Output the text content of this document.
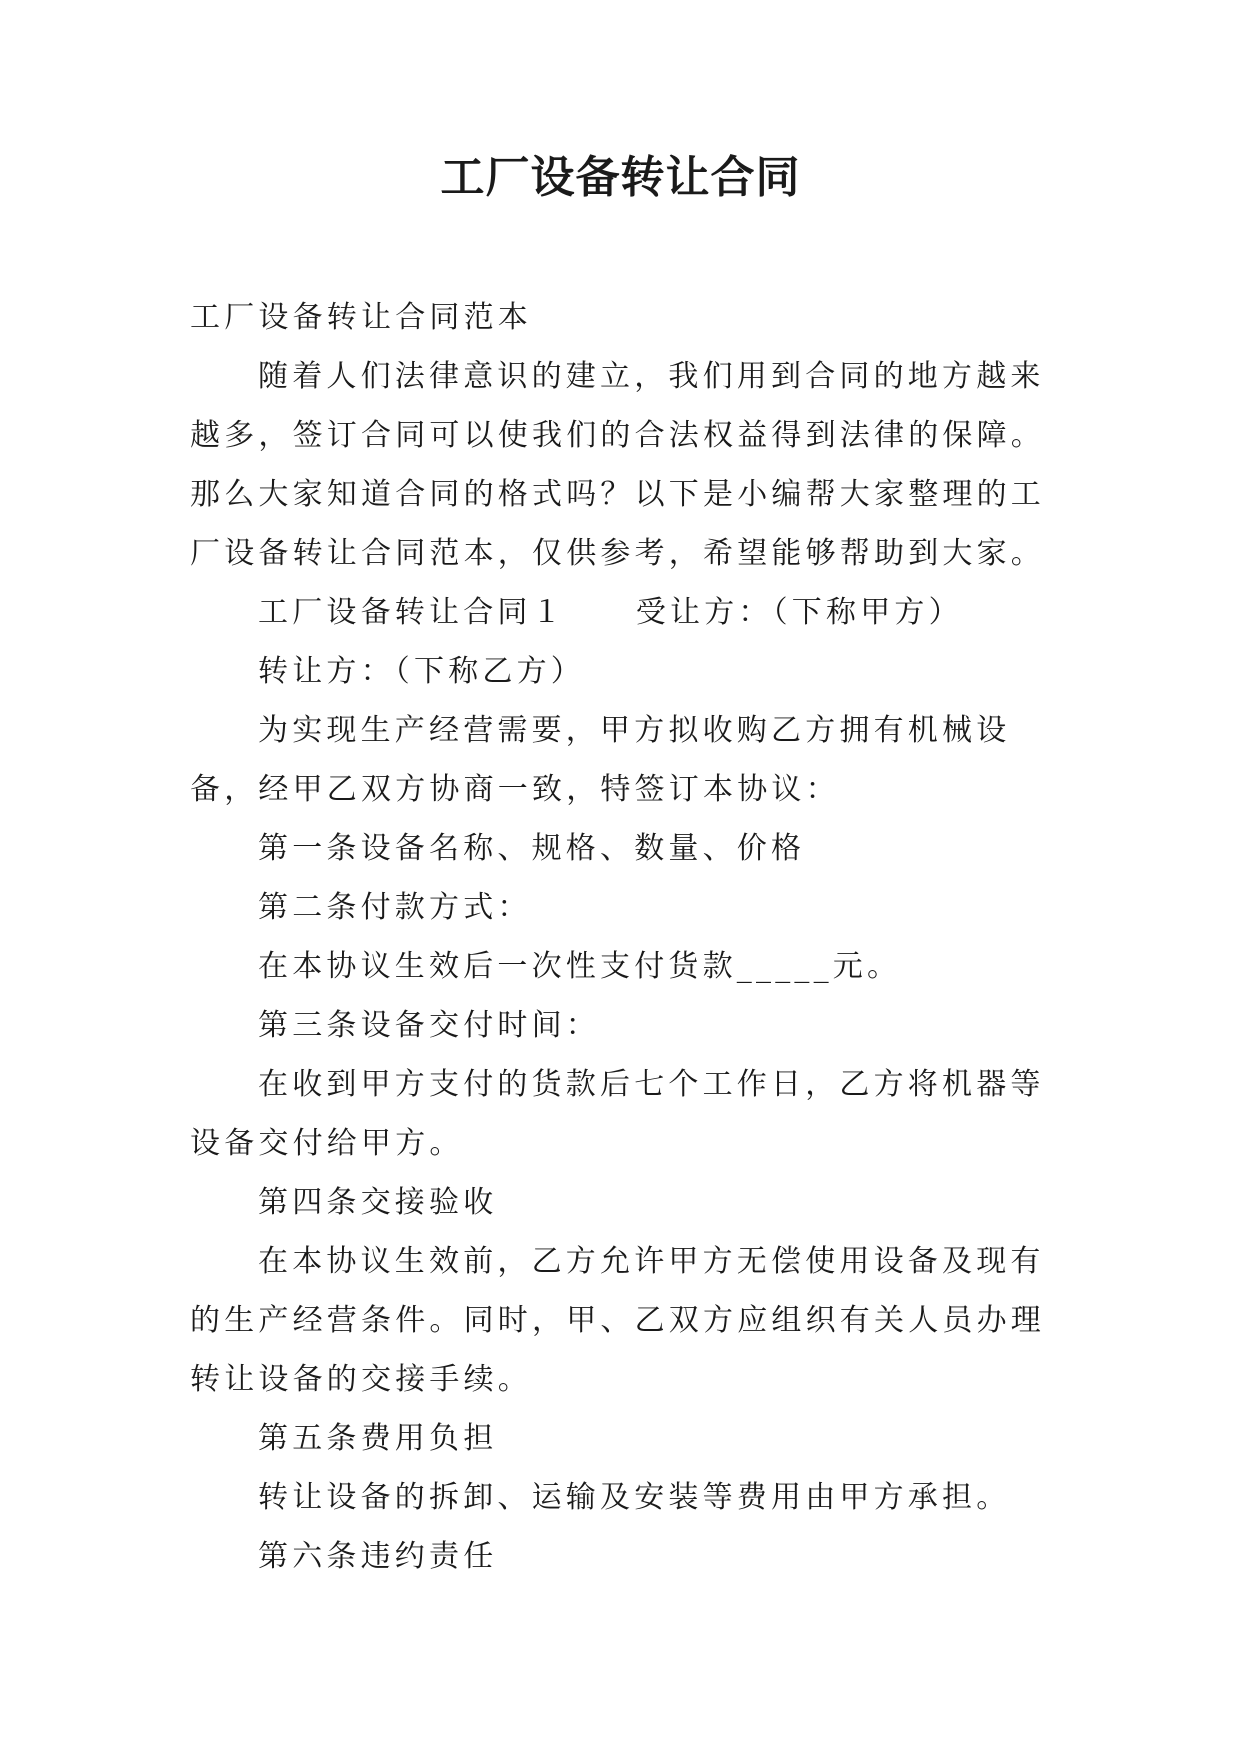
工厂设备转让合同

工厂设备转让合同范本

随着人们法律意识的建立，我们用到合同的地方越来越多，签订合同可以使我们的合法权益得到法律的保障。那么大家知道合同的格式吗？以下是小编帮大家整理的工厂设备转让合同范本，仅供参考，希望能够帮助到大家。

工厂设备转让合同１ 受让方：（下称甲方）

转让方：（下称乙方）

为实现生产经营需要，甲方拟收购乙方拥有机械设备，经甲乙双方协商一致，特签订本协议：

第一条设备名称、规格、数量、价格

第二条付款方式：

在本协议生效后一次性支付货款_____元。

第三条设备交付时间：

在收到甲方支付的货款后七个工作日，乙方将机器等设备交付给甲方。

第四条交接验收

在本协议生效前，乙方允许甲方无偿使用设备及现有的生产经营条件。同时，甲、乙双方应组织有关人员办理转让设备的交接手续。

第五条费用负担

转让设备的拆卸、运输及安装等费用由甲方承担。

第六条违约责任
